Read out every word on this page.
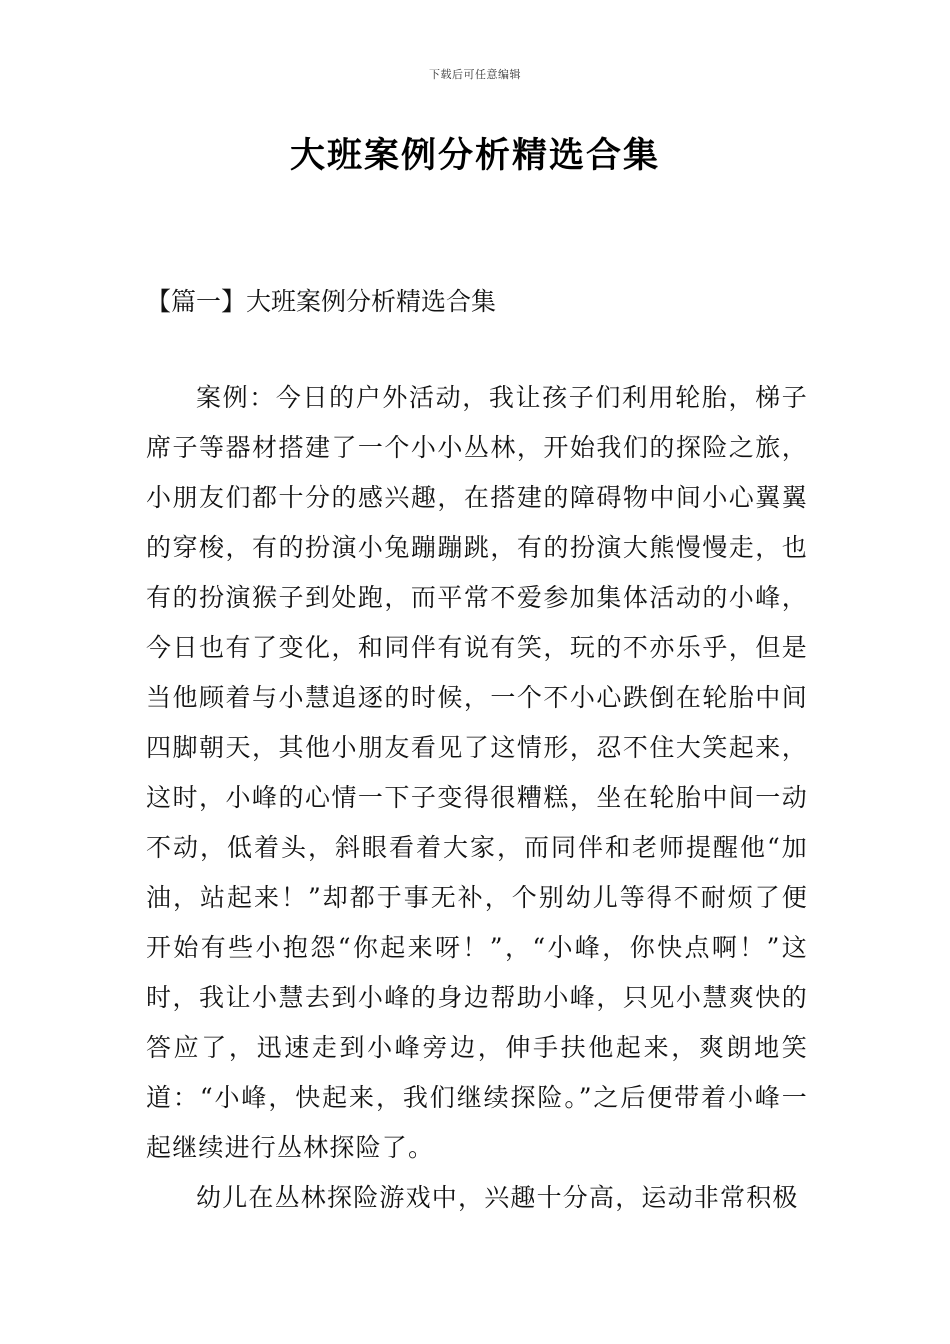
下载后可任意编辑
大班案例分析精选合集
【篇一】大班案例分析精选合集

案例：今日的户外活动，我让孩子们利用轮胎，梯子席子等器材搭建了一个小小丛林，开始我们的探险之旅，小朋友们都十分的感兴趣，在搭建的障碍物中间小心翼翼的穿梭，有的扮演小兔蹦蹦跳，有的扮演大熊慢慢走，也有的扮演猴子到处跑，而平常不爱参加集体活动的小峰，今日也有了变化，和同伴有说有笑，玩的不亦乐乎，但是当他顾着与小慧追逐的时候，一个不小心跌倒在轮胎中间四脚朝天，其他小朋友看见了这情形，忍不住大笑起来，这时，小峰的心情一下子变得很糟糕，坐在轮胎中间一动不动，低着头，斜眼看着大家，而同伴和老师提醒他“加油，站起来！”却都于事无补，个别幼儿等得不耐烦了便开始有些小抱怨“你起来呀！”，“小峰，你快点啊！”这时，我让小慧去到小峰的身边帮助小峰，只见小慧爽快的答应了，迅速走到小峰旁边，伸手扶他起来，爽朗地笑道：“小峰，快起来，我们继续探险。”之后便带着小峰一起继续进行丛林探险了。

幼儿在丛林探险游戏中，兴趣十分高，运动非常积极
